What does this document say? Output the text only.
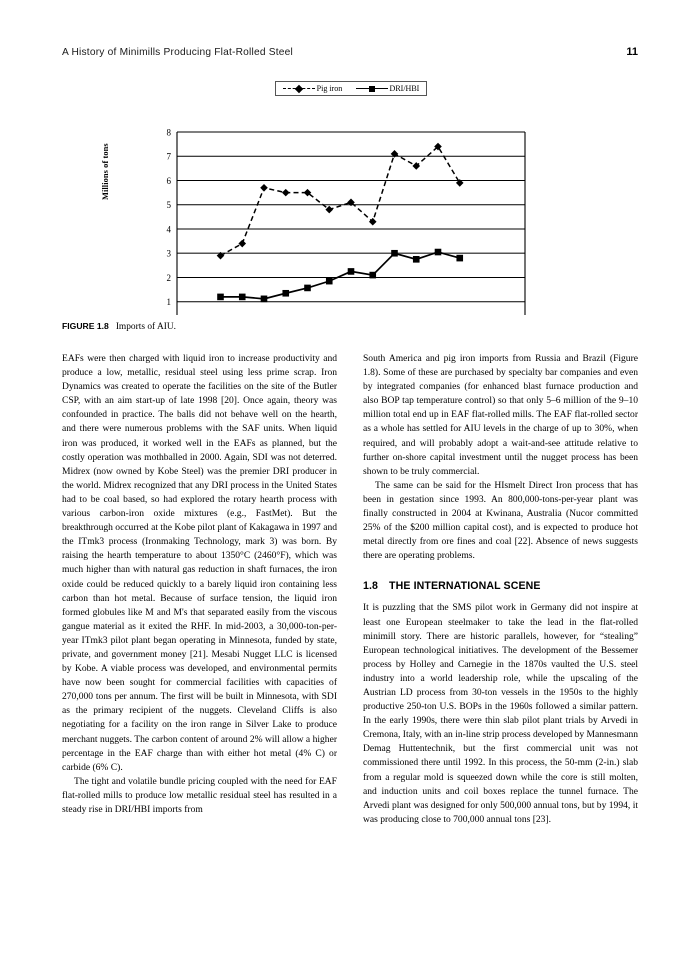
A History of Minimills Producing Flat-Rolled Steel	11
Pig iron	DRI/HBI
Millions of tons
1
2
3
4
5
6
7
8
FIGURE 1.8 Imports of AIU.

EAFs were then charged with liquid iron to increase productivity and produce a low, metallic, residual steel using less prime scrap. Iron Dynamics was created to operate the facilities on the site of the Butler CSP, with an aim start-up of late 1998 [20]. Once again, theory was confounded in practice. The balls did not behave well on the hearth, and there were numerous problems with the SAF units. When liquid iron was produced, it worked well in the EAFs as planned, but the costly operation was mothballed in 2000. Again, SDI was not deterred. Midrex (now owned by Kobe Steel) was the premier DRI producer in the world. Midrex recognized that any DRI process in the United States had to be coal based, so had explored the rotary hearth process with various carbon-iron oxide mixtures (e.g., FastMet). But the breakthrough occurred at the Kobe pilot plant of Kakagawa in 1997 and the ITmk3 process (Ironmaking Technology, mark 3) was born. By raising the hearth temperature to about 1350°C (2460°F), which was much higher than with natural gas reduction in shaft furnaces, the iron oxide could be reduced quickly to a barely liquid iron containing less carbon than hot metal. Because of surface tension, the liquid iron formed globules like M and M's that separated easily from the viscous gangue material as it exited the RHF. In mid-2003, a 30,000-ton-per-year ITmk3 pilot plant began operating in Minnesota, funded by state, private, and government money [21]. Mesabi Nugget LLC is licensed by Kobe. A viable process was developed, and environmental permits have now been sought for commercial facilities with capacities of 270,000 tons per annum. The first will be built in Minnesota, with SDI as the primary recipient of the nuggets. Cleveland Cliffs is also negotiating for a facility on the iron range in Silver Lake to produce merchant nuggets. The carbon content of around 2% will allow a higher percentage in the EAF charge than with either hot metal (4% C) or carbide (6% C).

The tight and volatile bundle pricing coupled with the need for EAF flat-rolled mills to produce low metallic residual steel has resulted in a steady rise in DRI/HBI imports from

South America and pig iron imports from Russia and Brazil (Figure 1.8). Some of these are purchased by specialty bar companies and even by integrated companies (for enhanced blast furnace production and also BOP tap temperature control) so that only 5–6 million of the 9–10 million total end up in EAF flat-rolled mills. The EAF flat-rolled sector as a whole has settled for AIU levels in the charge of up to 30%, when required, and will probably adopt a wait-and-see attitude relative to further on-shore capital investment until the nugget process has been shown to be truly commercial.

The same can be said for the HIsmelt Direct Iron process that has been in gestation since 1993. An 800,000-tons-per-year plant was finally constructed in 2004 at Kwinana, Australia (Nucor committed 25% of the $200 million capital cost), and is expected to produce hot metal directly from ore fines and coal [22]. Absence of news suggests there are operating problems.

1.8 THE INTERNATIONAL SCENE

It is puzzling that the SMS pilot work in Germany did not inspire at least one European steelmaker to take the lead in the flat-rolled minimill story. There are historic parallels, however, for “stealing” European technological initiatives. The development of the Bessemer process by Holley and Carnegie in the 1870s vaulted the U.S. steel industry into a world leadership role, while the upscaling of the Austrian LD process from 30-ton vessels in the 1950s to the highly productive 250-ton U.S. BOPs in the 1960s followed a similar pattern. In the early 1990s, there were thin slab pilot plant trials by Arvedi in Cremona, Italy, with an in-line strip process developed by Mannesmann Demag Huttentechnik, but the first commercial unit was not commissioned there until 1992. In this process, the 50-mm (2-in.) slab from a regular mold is squeezed down while the core is still molten, and induction units and coil boxes replace the tunnel furnace. The Arvedi plant was designed for only 500,000 annual tons, but by 1994, it was producing close to 700,000 annual tons [23].
